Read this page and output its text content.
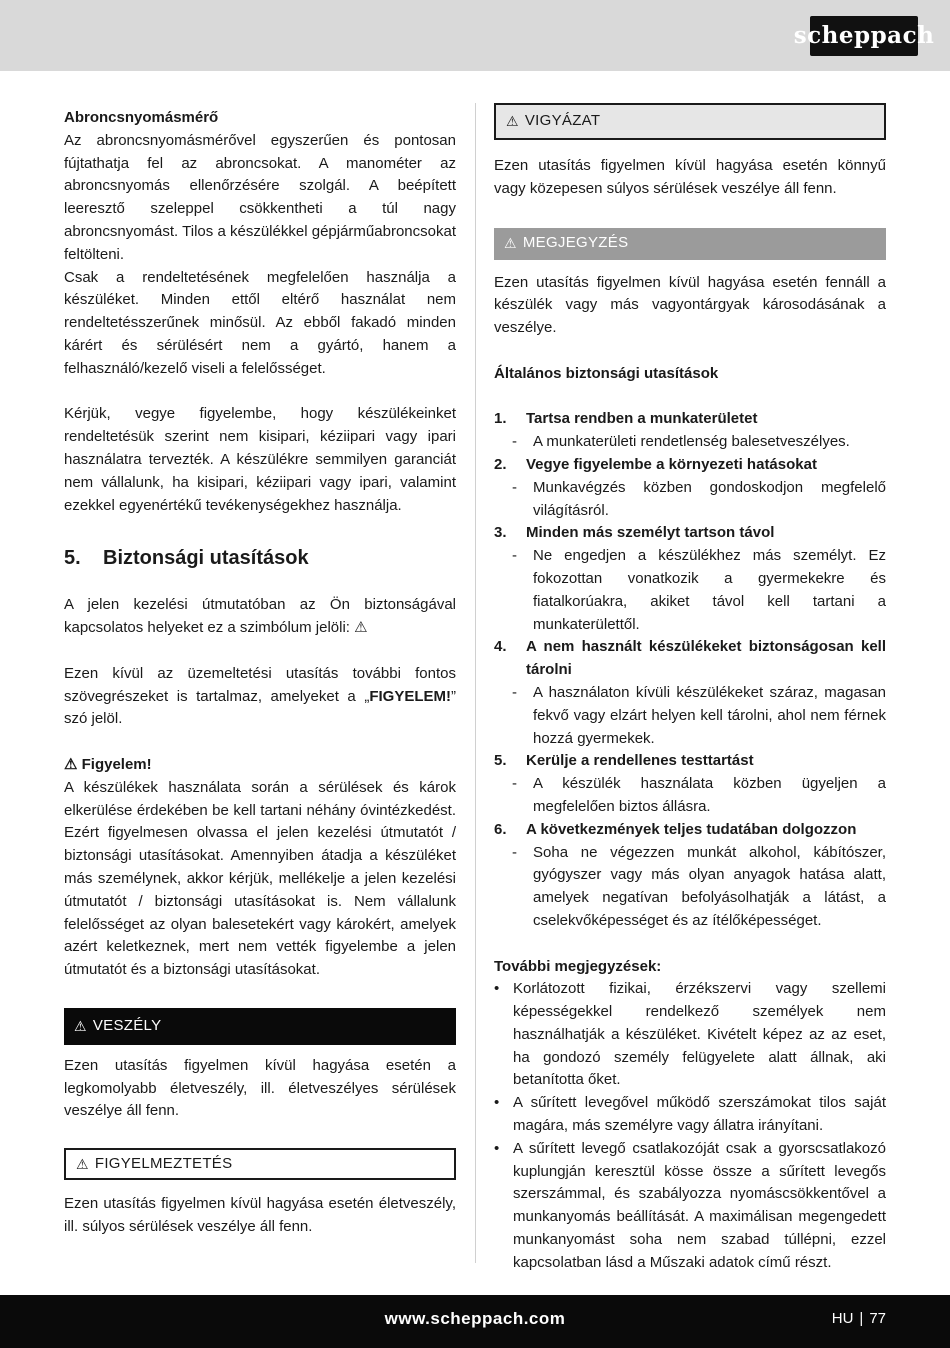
scheppach

Abroncsnyomásmérő

Az abroncsnyomásmérővel egyszerűen és pontosan fújtathatja fel az abroncsokat. A manométer az abroncsnyomás ellenőrzésére szolgál. A beépített leeresztő szeleppel csökkentheti a túl nagy abroncsnyomást. Tilos a készülékkel gépjárműabroncsokat feltölteni.

Csak a rendeltetésének megfelelően használja a készüléket. Minden ettől eltérő használat nem rendeltetésszerűnek minősül. Az ebből fakadó minden kárért és sérülésért nem a gyártó, hanem a felhasználó/kezelő viseli a felelősséget.

Kérjük, vegye figyelembe, hogy készülékeinket rendeltetésük szerint nem kisipari, kéziipari vagy ipari használatra tervezték. A készülékre semmilyen garanciát nem vállalunk, ha kisipari, kéziipari vagy ipari, valamint ezekkel egyenértékű tevékenységekhez használja.

5. Biztonsági utasítások

A jelen kezelési útmutatóban az Ön biztonságával kapcsolatos helyeket ez a szimbólum jelöli: ⚠

Ezen kívül az üzemeltetési utasítás további fontos szövegrészeket is tartalmaz, amelyeket a „FIGYELEM!” szó jelöl.

⚠ Figyelem!

A készülékek használata során a sérülések és károk elkerülése érdekében be kell tartani néhány óvintézkedést. Ezért figyelmesen olvassa el jelen kezelési útmutatót / biztonsági utasításokat. Amennyiben átadja a készüléket más személynek, akkor kérjük, mellékelje a jelen kezelési útmutatót / biztonsági utasításokat is. Nem vállalunk felelősséget az olyan balesetekért vagy károkért, amelyek azért keletkeznek, mert nem vették figyelembe a jelen útmutatót és a biztonsági utasításokat.

⚠ VESZÉLY

Ezen utasítás figyelmen kívül hagyása esetén a legkomolyabb életveszély, ill. életveszélyes sérülések veszélye áll fenn.

⚠ FIGYELMEZTETÉS

Ezen utasítás figyelmen kívül hagyása esetén életveszély, ill. súlyos sérülések veszélye áll fenn.

⚠ VIGYÁZAT

Ezen utasítás figyelmen kívül hagyása esetén könnyű vagy közepesen súlyos sérülések veszélye áll fenn.

⚠ MEGJEGYZÉS

Ezen utasítás figyelmen kívül hagyása esetén fennáll a készülék vagy más vagyontárgyak károsodásának a veszélye.

Általános biztonsági utasítások

1.	Tartsa rendben a munkaterületet
-	A munkaterületi rendetlenség balesetveszélyes.
2.	Vegye figyelembe a környezeti hatásokat
-	Munkavégzés közben gondoskodjon megfelelő világításról.
3.	Minden más személyt tartson távol
-	Ne engedjen a készülékhez más személyt. Ez fokozottan vonatkozik a gyermekekre és fiatalkorúakra, akiket távol kell tartani a munkaterülettől.
4.	A nem használt készülékeket biztonságosan kell tárolni
-	A használaton kívüli készülékeket száraz, magasan fekvő vagy elzárt helyen kell tárolni, ahol nem férnek hozzá gyermekek.
5.	Kerülje a rendellenes testtartást
-	A készülék használata közben ügyeljen a megfelelően biztos állásra.
6.	A következmények teljes tudatában dolgozzon
-	Soha ne végezzen munkát alkohol, kábítószer, gyógyszer vagy más olyan anyagok hatása alatt, amelyek negatívan befolyásolhatják a látást, a cselekvőképességet és az ítélőképességet.

További megjegyzések:

• Korlátozott fizikai, érzékszervi vagy szellemi képességekkel rendelkező személyek nem használhatják a készüléket. Kivételt képez az az eset, ha gondozó személy felügyelete alatt állnak, aki betanította őket.
• A sűrített levegővel működő szerszámokat tilos saját magára, más személyre vagy állatra irányítani.
• A sűrített levegő csatlakozóját csak a gyorscsatlakozó kuplungján keresztül kösse össze a sűrített levegős szerszámmal, és szabályozza nyomáscsökkentővel a munkanyomás beállítását. A maximálisan megengedett munkanyomást soha nem szabad túllépni, ezzel kapcsolatban lásd a Műszaki adatok című részt.
www.scheppach.com	HU | 77
